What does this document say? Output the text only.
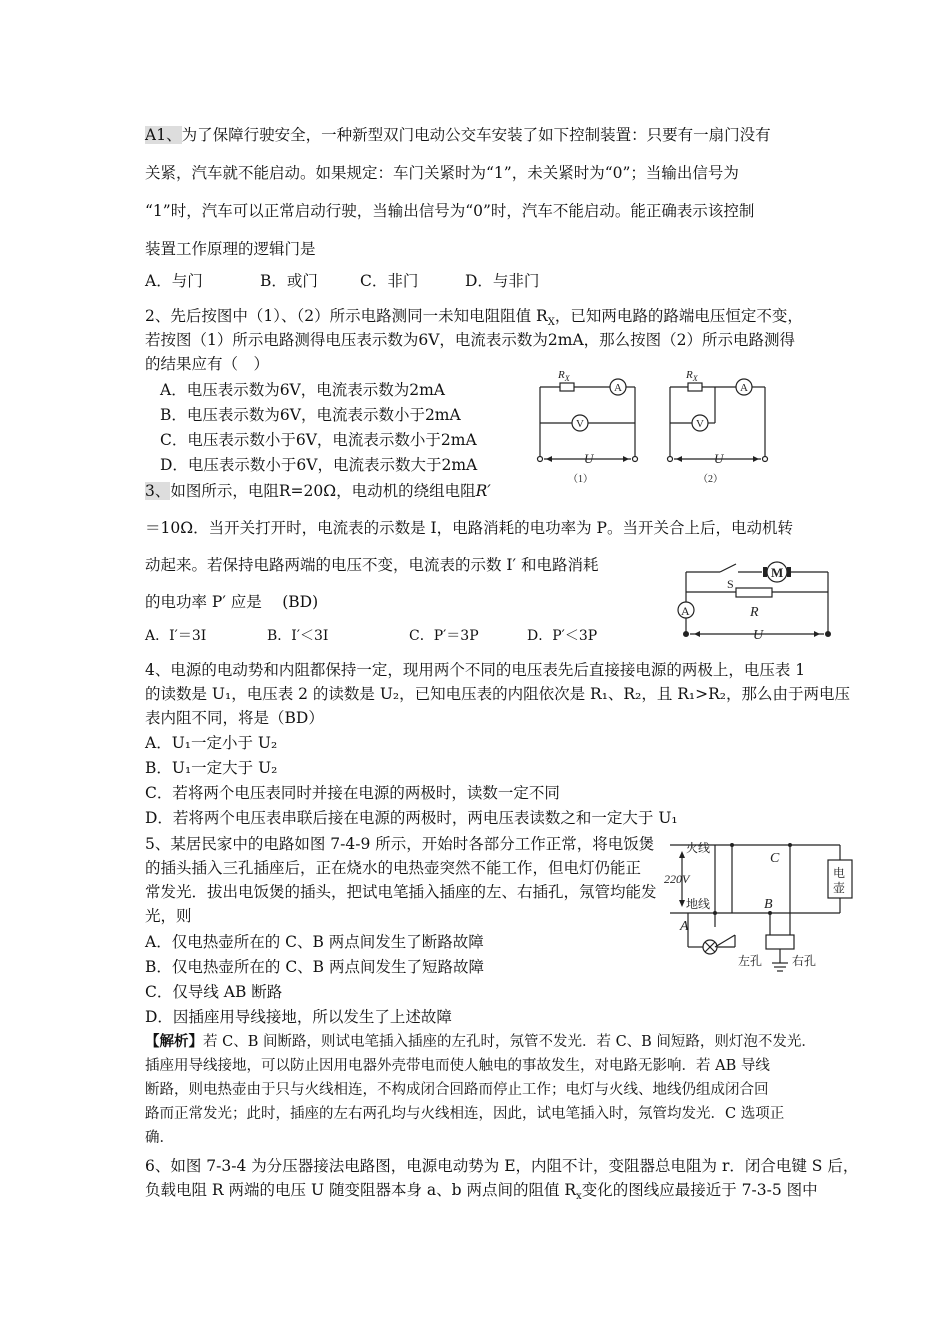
A1、为了保障行驶安全，一种新型双门电动公交车安装了如下控制装置：只要有一扇门没有
关紧，汽车就不能启动。如果规定：车门关紧时为“1”，未关紧时为“0”；当输出信号为
“1”时，汽车可以正常启动行驶，当输出信号为“0”时，汽车不能启动。能正确表示该控制
装置工作原理的逻辑门是
A．与门	B．或门	C．非门	D．与非门
2、先后按图中（1）、（2）所示电路测同一未知电阻阻值 $R_X$，已知两电路的路端电压恒定不变，
若按图（1）所示电路测得电压表示数为6V，电流表示数为2mA，那么按图（2）所示电路测得
的结果应有（　）
A．电压表示数为6V，电流表示数为2mA
B．电压表示数为6V，电流表示数小于2mA
C．电压表示数小于6V，电流表示数小于2mA
D．电压表示数小于6V，电流表示数大于2mA
$R_X$
A
V
U
（1）
$R_X$
A
V
U
（2）
3、如图所示，电阻R=20Ω，电动机的绕组电阻R′
＝10Ω．当开关打开时，电流表的示数是 I，电路消耗的电功率为 P。当开关合上后，电动机转
动起来。若保持电路两端的电压不变，电流表的示数 I′ 和电路消耗
的电功率 P′ 应是 　(BD)
A．I′＝3I	B．I′＜3I	C．P′＝3P	D．P′＜3P
S
M
R
A
U
4、电源的电动势和内阻都保持一定，现用两个不同的电压表先后直接接电源的两极上，电压表 1
的读数是 U₁，电压表 2 的读数是 U₂，已知电压表的内阻依次是 R₁、R₂，且 R₁>R₂，那么由于两电压
表内阻不同，将是（BD）
A．U₁一定小于 U₂
B．U₁一定大于 U₂
C．若将两个电压表同时并接在电源的两极时，读数一定不同
D．若将两个电压表串联后接在电源的两极时，两电压表读数之和一定大于 U₁
5、某居民家中的电路如图 7-4-9 所示，开始时各部分工作正常，将电饭煲
的插头插入三孔插座后，正在烧水的电热壶突然不能工作，但电灯仍能正
常发光．拔出电饭煲的插头，把试电笔插入插座的左、右插孔，氖管均能发
光，则
A．仅电热壶所在的 C、B 两点间发生了断路故障
B．仅电热壶所在的 C、B 两点间发生了短路故障
C．仅导线 AB 断路
D．因插座用导线接地，所以发生了上述故障
火线
地线
220V
C
B
A
电
壶
左孔 右孔
【解析】若 C、B 间断路，则试电笔插入插座的左孔时，氖管不发光．若 C、B 间短路，则灯泡不发光．
插座用导线接地，可以防止因用电器外壳带电而使人触电的事故发生，对电路无影响．若 AB 导线
断路，则电热壶由于只与火线相连，不构成闭合回路而停止工作；电灯与火线、地线仍组成闭合回
路而正常发光；此时，插座的左右两孔均与火线相连，因此，试电笔插入时，氖管均发光．C 选项正
确．
6、如图 7-3-4 为分压器接法电路图，电源电动势为 E，内阻不计，变阻器总电阻为 r．闭合电键 S 后，
负载电阻 R 两端的电压 U 随变阻器本身 a、b 两点间的阻值 $R_x$变化的图线应最接近于 7-3-5 图中
